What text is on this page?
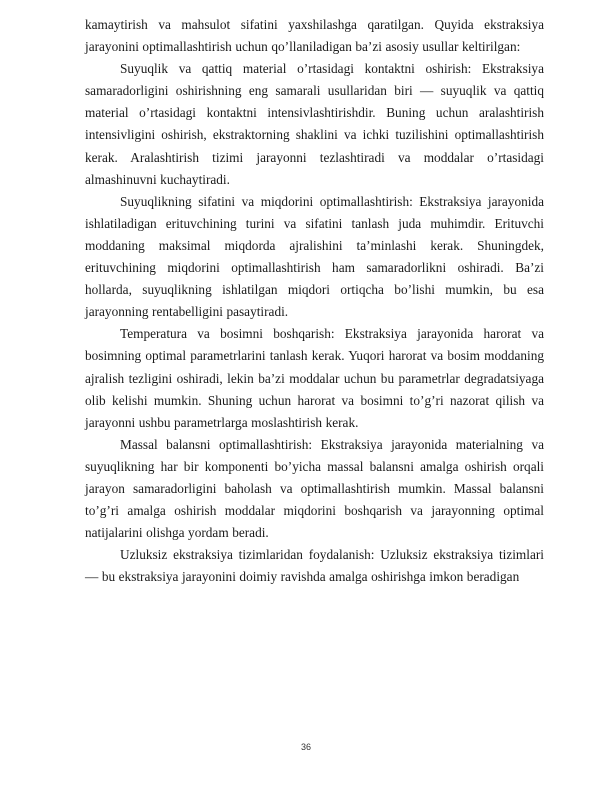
kamaytirish va mahsulot sifatini yaxshilashga qaratilgan. Quyida ekstraksiya jarayonini optimallashtirish uchun qo’llaniladigan ba’zi asosiy usullar keltirilgan:

Suyuqlik va qattiq material o’rtasidagi kontaktni oshirish: Ekstraksiya samaradorligini oshirishning eng samarali usullaridan biri — suyuqlik va qattiq material o’rtasidagi kontaktni intensivlashtirishdir. Buning uchun aralashtirish intensivligini oshirish, ekstraktorning shaklini va ichki tuzilishini optimallashtirish kerak. Aralashtirish tizimi jarayonni tezlashtiradi va moddalar o’rtasidagi almashinuvni kuchaytiradi.

Suyuqlikning sifatini va miqdorini optimallashtirish: Ekstraksiya jarayonida ishlatiladigan erituvchining turini va sifatini tanlash juda muhimdir. Erituvchi moddaning maksimal miqdorda ajralishini ta’minlashi kerak. Shuningdek, erituvchining miqdorini optimallashtirish ham samaradorlikni oshiradi. Ba’zi hollarda, suyuqlikning ishlatilgan miqdori ortiqcha bo’lishi mumkin, bu esa jarayonning rentabelligini pasaytiradi.

Temperatura va bosimni boshqarish: Ekstraksiya jarayonida harorat va bosimning optimal parametrlarini tanlash kerak. Yuqori harorat va bosim moddaning ajralish tezligini oshiradi, lekin ba’zi moddalar uchun bu parametrlar degradatsiyaga olib kelishi mumkin. Shuning uchun harorat va bosimni to’g’ri nazorat qilish va jarayonni ushbu parametrlarga moslashtirish kerak.

Massal balansni optimallashtirish: Ekstraksiya jarayonida materialning va suyuqlikning har bir komponenti bo’yicha massal balansni amalga oshirish orqali jarayon samaradorligini baholash va optimallashtirish mumkin. Massal balansni to’g’ri amalga oshirish moddalar miqdorini boshqarish va jarayonning optimal natijalarini olishga yordam beradi.

Uzluksiz ekstraksiya tizimlaridan foydalanish: Uzluksiz ekstraksiya tizimlari — bu ekstraksiya jarayonini doimiy ravishda amalga oshirishga imkon beradigan

36
